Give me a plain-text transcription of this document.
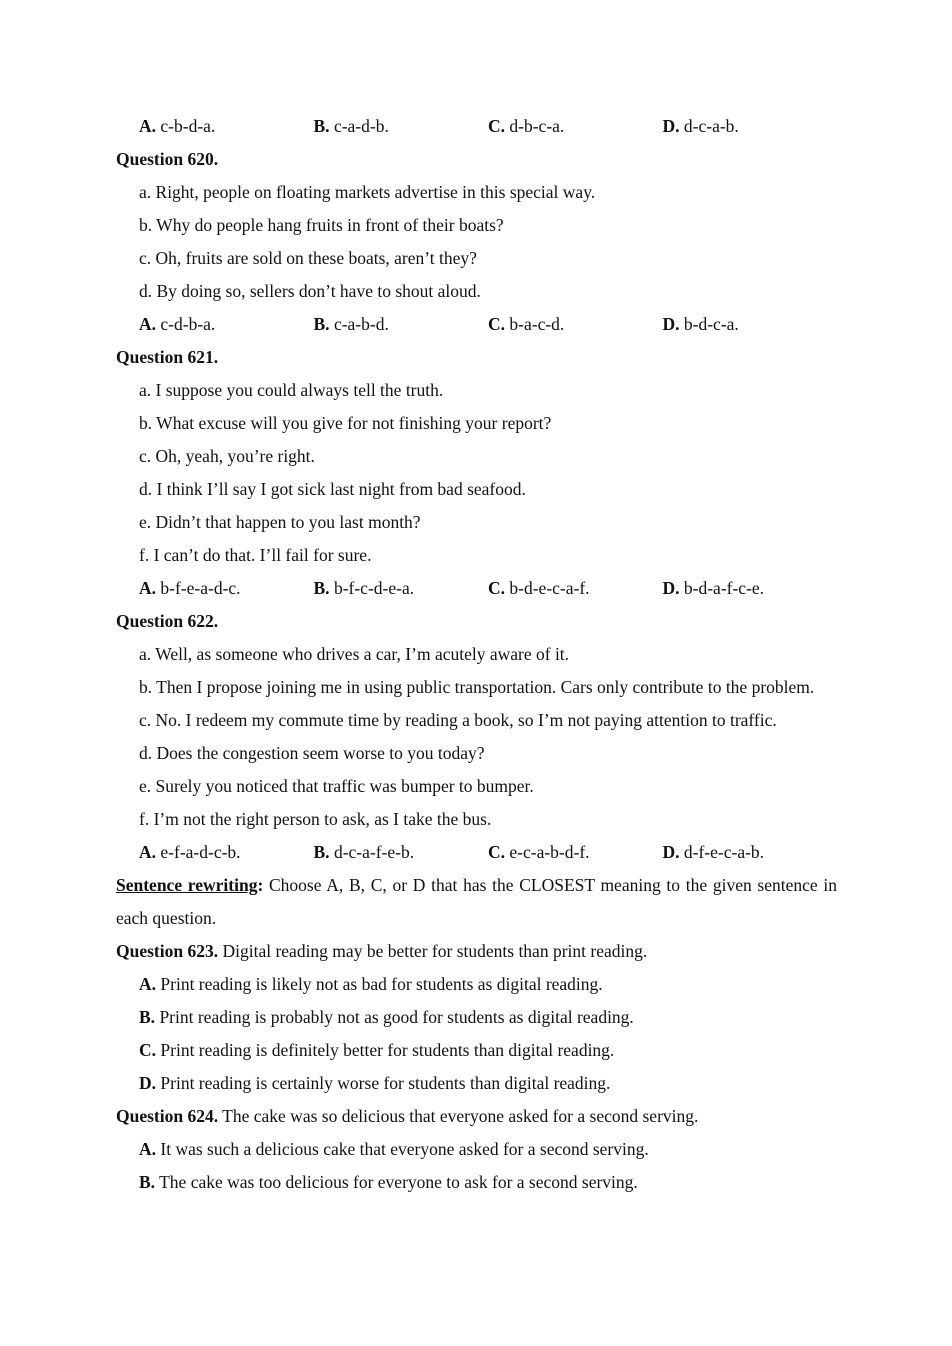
A. c-b-d-a.	B. c-a-d-b.	C. d-b-c-a.	D. d-c-a-b.
Question 620.
a. Right, people on floating markets advertise in this special way.
b. Why do people hang fruits in front of their boats?
c. Oh, fruits are sold on these boats, aren’t they?
d. By doing so, sellers don’t have to shout aloud.
A. c-d-b-a.	B. c-a-b-d.	C. b-a-c-d.	D. b-d-c-a.
Question 621.
a. I suppose you could always tell the truth.
b. What excuse will you give for not finishing your report?
c. Oh, yeah, you’re right.
d. I think I’ll say I got sick last night from bad seafood.
e. Didn’t that happen to you last month?
f. I can’t do that. I’ll fail for sure.
A. b-f-e-a-d-c.	B. b-f-c-d-e-a.	C. b-d-e-c-a-f.	D. b-d-a-f-c-e.
Question 622.
a. Well, as someone who drives a car, I’m acutely aware of it.
b. Then I propose joining me in using public transportation. Cars only contribute to the problem.
c. No. I redeem my commute time by reading a book, so I’m not paying attention to traffic.
d. Does the congestion seem worse to you today?
e. Surely you noticed that traffic was bumper to bumper.
f. I’m not the right person to ask, as I take the bus.
A. e-f-a-d-c-b.	B. d-c-a-f-e-b.	C. e-c-a-b-d-f.	D. d-f-e-c-a-b.
Sentence rewriting: Choose A, B, C, or D that has the CLOSEST meaning to the given sentence in each question.
Question 623. Digital reading may be better for students than print reading.
A. Print reading is likely not as bad for students as digital reading.
B. Print reading is probably not as good for students as digital reading.
C. Print reading is definitely better for students than digital reading.
D. Print reading is certainly worse for students than digital reading.
Question 624. The cake was so delicious that everyone asked for a second serving.
A. It was such a delicious cake that everyone asked for a second serving.
B. The cake was too delicious for everyone to ask for a second serving.
